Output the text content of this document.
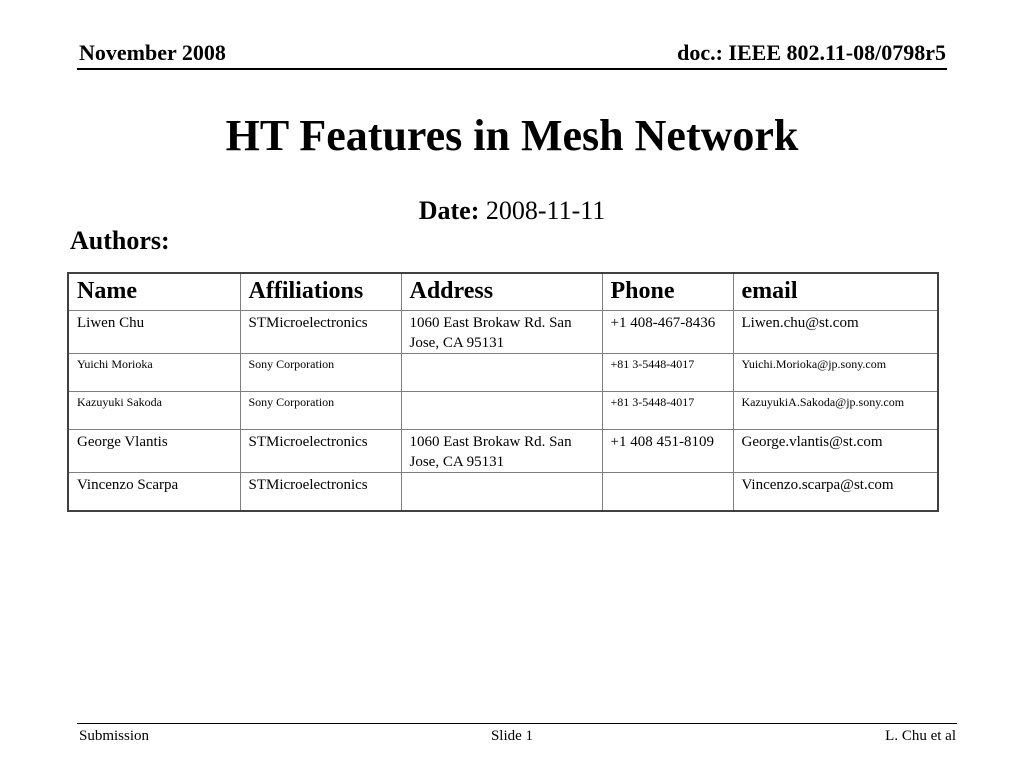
November 2008	doc.: IEEE 802.11-08/0798r5
HT Features in Mesh Network
Date: 2008-11-11
Authors:
Name	Affiliations	Address	Phone	email
Liwen Chu	STMicroelectronics	1060 East Brokaw Rd. San Jose, CA 95131	+1 408-467-8436	Liwen.chu@st.com
Yuichi Morioka	Sony Corporation		+81 3-5448-4017	Yuichi.Morioka@jp.sony.com
Kazuyuki Sakoda	Sony Corporation		+81 3-5448-4017	KazuyukiA.Sakoda@jp.sony.com
George Vlantis	STMicroelectronics	1060 East Brokaw Rd. San Jose, CA 95131	+1 408 451-8109	George.vlantis@st.com
Vincenzo Scarpa	STMicroelectronics			Vincenzo.scarpa@st.com
Submission	Slide 1	L. Chu et al
